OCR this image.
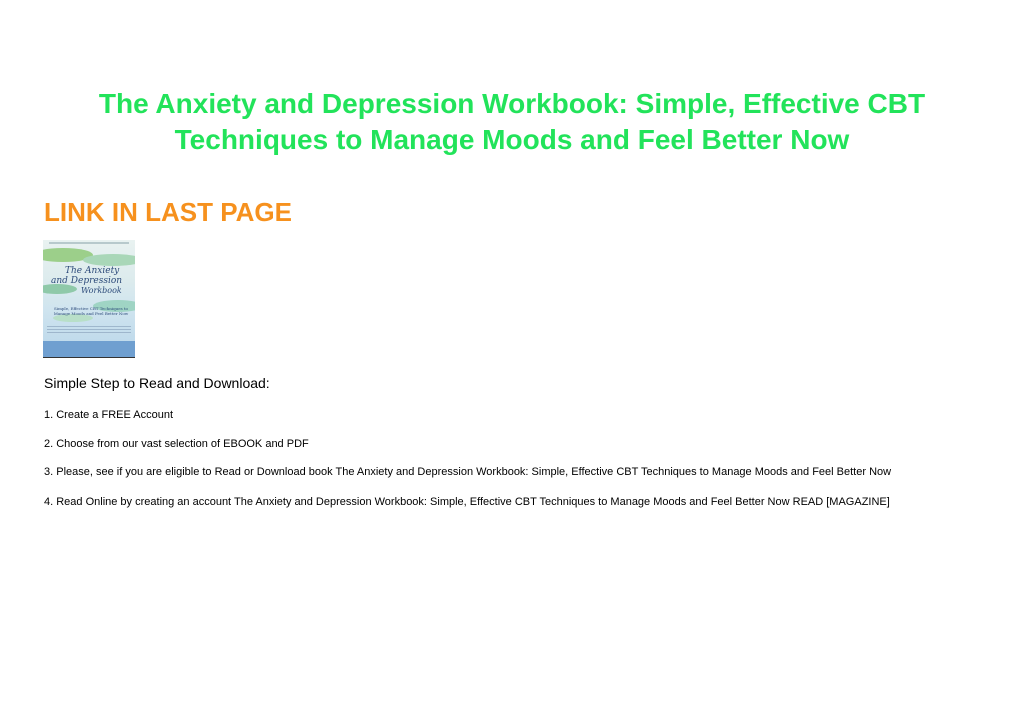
The Anxiety and Depression Workbook: Simple, Effective CBT Techniques to Manage Moods and Feel Better Now
LINK IN LAST PAGE
The Anxiety
and Depression
Workbook
Simple, Effective CBT Techniques to Manage Moods and Feel Better Now

Simple Step to Read and Download:

1. Create a FREE Account

2. Choose from our vast selection of EBOOK and PDF

3. Please, see if you are eligible to Read or Download book The Anxiety and Depression Workbook: Simple, Effective CBT Techniques to Manage Moods and Feel Better Now

4. Read Online by creating an account The Anxiety and Depression Workbook: Simple, Effective CBT Techniques to Manage Moods and Feel Better Now READ [MAGAZINE]
